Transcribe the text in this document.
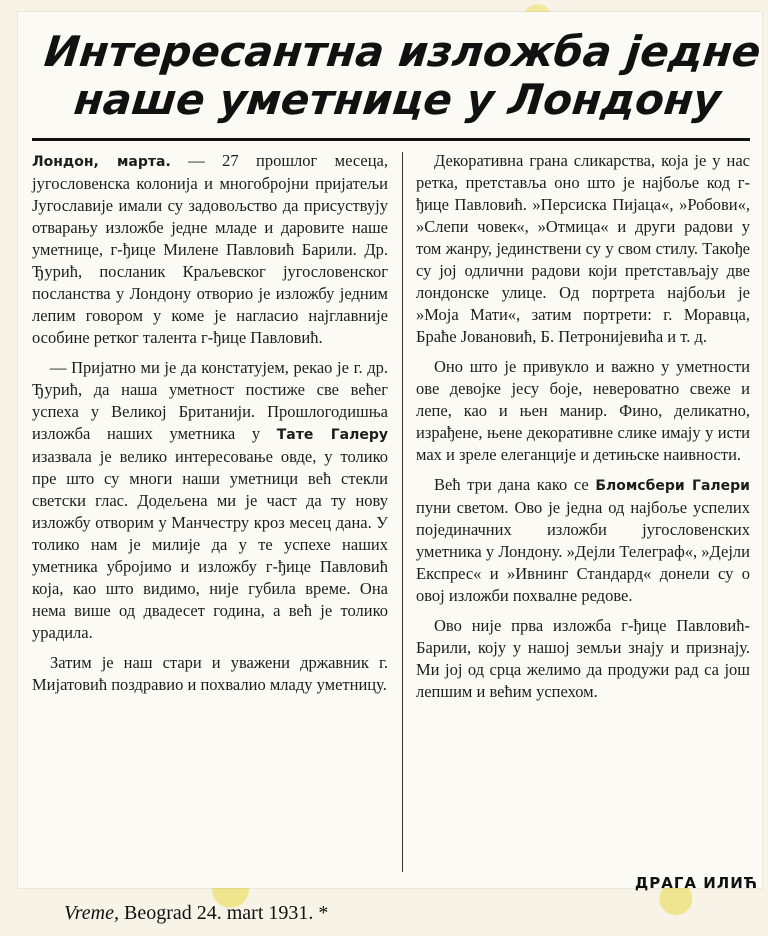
Интересантна изложба једне
наше уметнице у Лондону

Лондон, марта. — 27 прошлог месеца, југословенска колонија и многобројни пријатељи Југославије имали су задовољство да присуствују отварању изложбе једне младе и даровите наше уметнице, г-ђице Милене Павловић Барили. Др. Ђурић, посланик Краљевског југословенског посланства у Лондону отворио је изложбу једним лепим говором у коме је нагласио најглавније особине ретког талента г-ђице Павловић.

— Пријатно ми је да констатујем, рекао је г. др. Ђурић, да наша уметност постиже све већег успеха у Великој Британији. Прошлогодишња изложба наших уметника у Тате Галеру изазвала је велико интересовање овде, у толико пре што су многи наши уметници већ стекли светски глас. Додељена ми је част да ту нову изложбу отворим у Манчестру кроз месец дана. У толико нам је милије да у те успехе наших уметника убројимо и изложбу г-ђице Павловић која, као што видимо, није губила време. Она нема више од двадесет година, а већ је толико урадила.

Затим је наш стари и уважени државник г. Мијатовић поздравио и похвалио младу уметницу.

Декоративна грана сликарства, која је у нас ретка, претставља оно што је најбоље код г-ђице Павловић. »Персиска Пијаца«, »Робови«, »Слепи човек«, »Отмица« и други радови у том жанру, јединствени су у свом стилу. Такође су јој одлични радови који претстављају две лондонске улице. Од портрета најбољи је »Моја Мати«, затим портрети: г. Моравца, Браће Јовановић, Б. Петронијевића и т. д.

Оно што је привукло и важно у уметности ове девојке јесу боје, невероватно свеже и лепе, као и њен манир. Фино, деликатно, израђене, њене декоративне слике имају у исти мах и зреле елеганције и детињске наивности.

Већ три дана како се Бломсбери Галери пуни светом. Ово је једна од најбоље успелих појединачних изложби југословенских уметника у Лондону. »Дејли Телеграф«, »Дејли Експрес« и »Ивнинг Стандард« донели су о овој изложби похвалне редове.

Ово није прва изложба г-ђице Павловић-Барили, коју у нашој земљи знају и признају. Ми јој од срца желимо да продужи рад са још лепшим и већим успехом.

ДРАГА ИЛИЋ
Vreme, Beograd 24. mart 1931. *
